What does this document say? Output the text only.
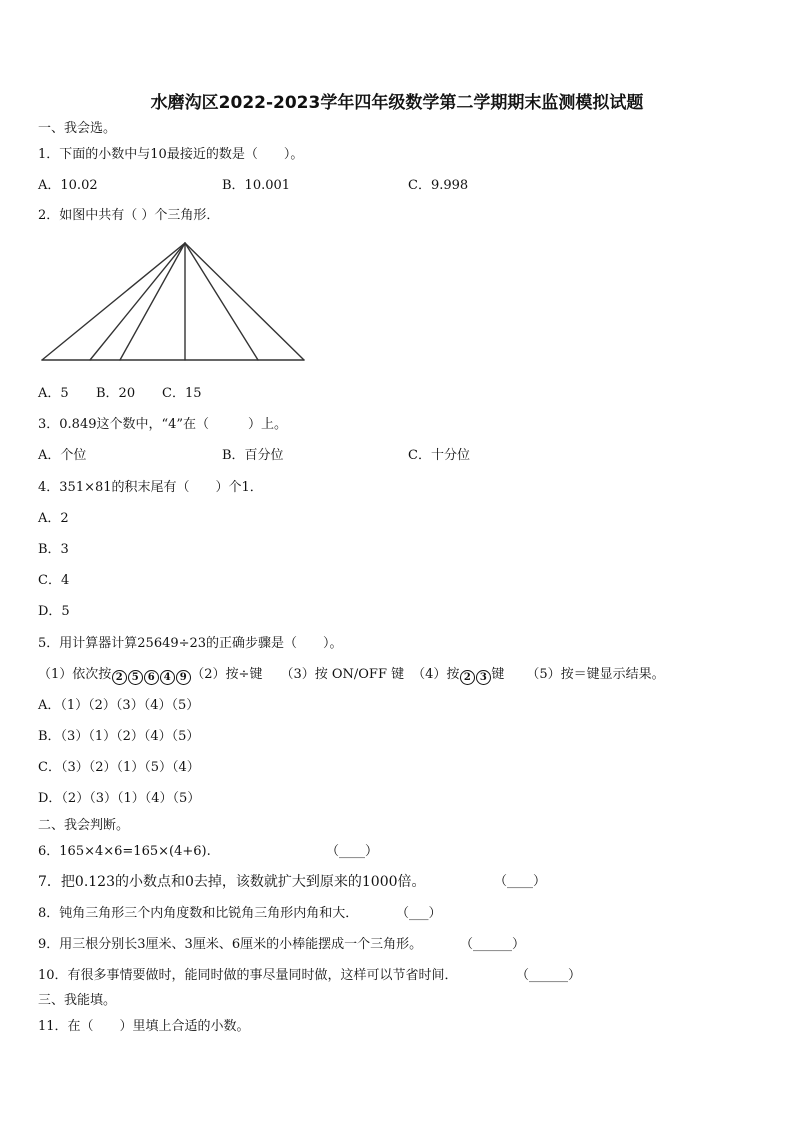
水磨沟区2022-2023学年四年级数学第二学期期末监测模拟试题
一、我会选。
1．下面的小数中与10最接近的数是（　　）。
A．10.02	B．10.001	C．9.998
2．如图中共有（ ）个三角形．
A．5 B．20 C．15
3．0.849这个数中，“4”在（　　　）上。
A．个位	B．百分位	C．十分位
4．351×81的积末尾有（　　）个1．
A．2
B．3
C．4
D．5
5．用计算器计算25649÷23的正确步骤是（　　）。
（1）依次按 2 5 6 4 9 （2）按÷键 （3）按 ON/OFF 键 （4）按 2 3 键 （5）按＝键显示结果。
A．（1）（2）（3）（4）（5）
B．（3）（1）（2）（4）（5）
C．（3）（2）（1）（5）（4）
D．（2）（3）（1）（4）（5）
二、我会判断。
6．165×4×6=165×(4+6).	（____）
7．把0.123的小数点和0去掉，该数就扩大到原来的1000倍。	（____）
8．钝角三角形三个内角度数和比锐角三角形内角和大．	（___）
9．用三根分别长3厘米、3厘米、6厘米的小棒能摆成一个三角形。	（______）
10．有很多事情要做时，能同时做的事尽量同时做，这样可以节省时间．	（______）
三、我能填。
11．在（　　）里填上合适的小数。
